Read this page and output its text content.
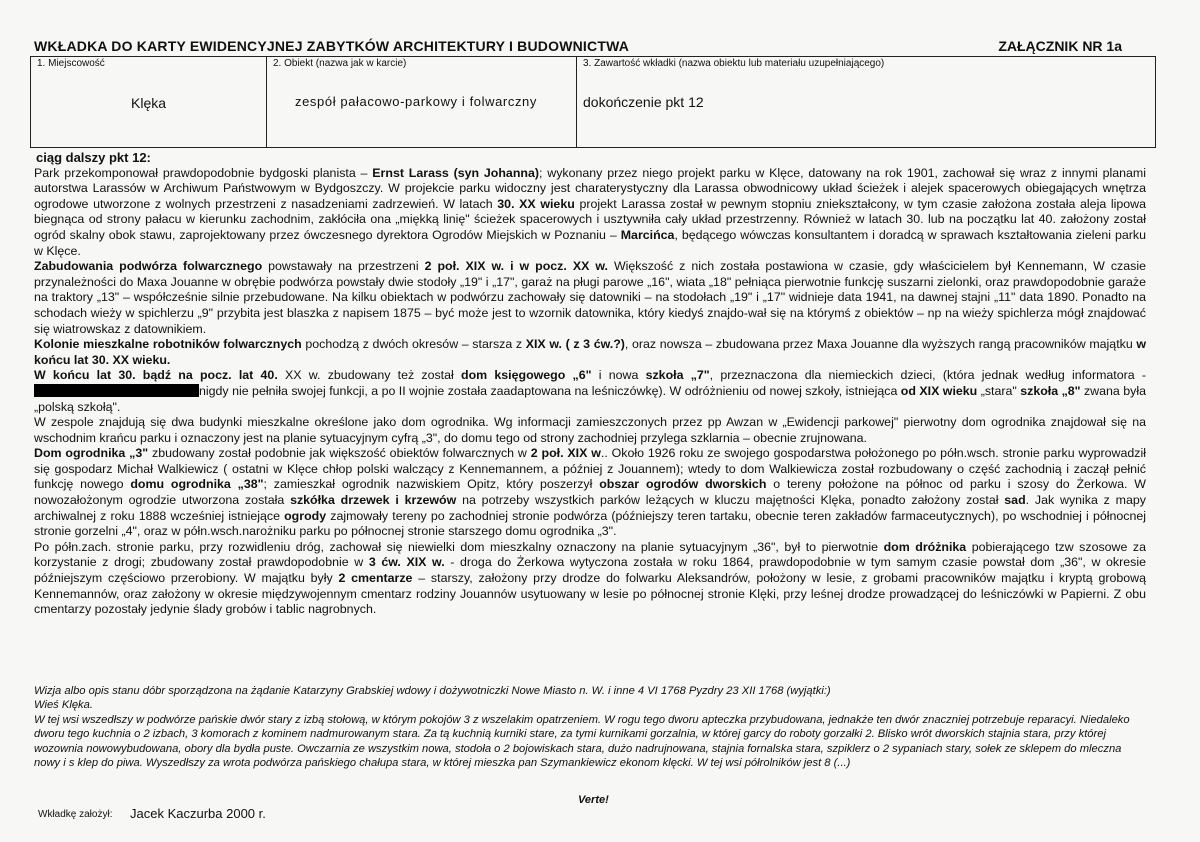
WKŁADKA DO KARTY EWIDENCYJNEJ ZABYTKÓW ARCHITEKTURY I BUDOWNICTWA	ZAŁĄCZNIK NR 1a
1. Miejscowość
Klęka
2. Obiekt (nazwa jak w karcie)
zespół pałacowo-parkowy i folwarczny
3. Zawartość wkładki (nazwa obiektu lub materiału uzupełniającego)
dokończenie pkt 12

ciąg dalszy pkt 12:

Park przekomponował prawdopodobnie bydgoski planista – Ernst Larass (syn Johanna); wykonany przez niego projekt parku w Klęce, datowany na rok 1901, zachował się wraz z innymi planami autorstwa Larassów w Archiwum Państwowym w Bydgoszczy. W projekcie parku widoczny jest charaterystyczny dla Larassa obwodnicowy układ ścieżek i alejek spacerowych obiegających wnętrza ogrodowe utworzone z wolnych przestrzeni z nasadzeniami zadrzewień. W latach 30. XX wieku projekt Larassa został w pewnym stopniu zniekształcony, w tym czasie założona została aleja lipowa biegnąca od strony pałacu w kierunku zachodnim, zakłóciła ona „miękką linię" ścieżek spacerowych i usztywniła cały układ przestrzenny. Również w latach 30. lub na początku lat 40. założony został ogród skalny obok stawu, zaprojektowany przez ówczesnego dyrektora Ogrodów Miejskich w Poznaniu – Marcińca, będącego wówczas konsultantem i doradcą w sprawach kształtowania zieleni parku w Klęce.

Zabudowania podwórza folwarcznego powstawały na przestrzeni 2 poł. XIX w. i w pocz. XX w. Większość z nich została postawiona w czasie, gdy właścicielem był Kennemann, W czasie przynależności do Maxa Jouanne w obrębie podwórza powstały dwie stodoły „19" i „17", garaż na pługi parowe „16", wiata „18" pełniąca pierwotnie funkcję suszarni zielonki, oraz prawdopodobnie garaże na traktory „13" – współcześnie silnie przebudowane. Na kilku obiektach w podwórzu zachowały się datowniki – na stodołach „19" i „17" widnieje data 1941, na dawnej stajni „11" data 1890. Ponadto na schodach wieży w spichlerzu „9" przybita jest blaszka z napisem 1875 – być może jest to wzornik datownika, który kiedyś znajdo-wał się na którymś z obiektów – np na wieży spichlerza mógł znajdować się wiatrowskaz z datownikiem.

Kolonie mieszkalne robotników folwarcznych pochodzą z dwóch okresów – starsza z XIX w. ( z 3 ćw.?), oraz nowsza – zbudowana przez Maxa Jouanne dla wyższych rangą pracowników majątku w końcu lat 30. XX wieku.

W końcu lat 30. bądź na pocz. lat 40. XX w. zbudowany też został dom księgowego „6" i nowa szkoła „7", przeznaczona dla niemieckich dzieci, (która jednak według informatora - nigdy nie pełniła swojej funkcji, a po II wojnie została zaadaptowana na leśniczówkę). W odróżnieniu od nowej szkoły, istniejąca od XIX wieku „stara" szkoła „8" zwana była „polską szkołą".

W zespole znajdują się dwa budynki mieszkalne określone jako dom ogrodnika. Wg informacji zamieszczonych przez pp Awzan w „Ewidencji parkowej" pierwotny dom ogrodnika znajdował się na wschodnim krańcu parku i oznaczony jest na planie sytuacyjnym cyfrą „3", do domu tego od strony zachodniej przylega szklarnia – obecnie zrujnowana.

Dom ogrodnika „3" zbudowany został podobnie jak większość obiektów folwarcznych w 2 poł. XIX w.. Około 1926 roku ze swojego gospodarstwa położonego po półn.wsch. stronie parku wyprowadził się gospodarz Michał Walkiewicz ( ostatni w Klęce chłop polski walczący z Kennemannem, a później z Jouannem); wtedy to dom Walkiewicza został rozbudowany o część zachodnią i zaczął pełnić funkcję nowego domu ogrodnika „38"; zamieszkał ogrodnik nazwiskiem Opitz, który poszerzył obszar ogrodów dworskich o tereny położone na północ od parku i szosy do Żerkowa. W nowozałożonym ogrodzie utworzona została szkółka drzewek i krzewów na potrzeby wszystkich parków leżących w kluczu majętności Klęka, ponadto założony został sad. Jak wynika z mapy archiwalnej z roku 1888 wcześniej istniejące ogrody zajmowały tereny po zachodniej stronie podwórza (późniejszy teren tartaku, obecnie teren zakładów farmaceutycznych), po wschodniej i północnej stronie gorzelni „4", oraz w półn.wsch.narożniku parku po północnej stronie starszego domu ogrodnika „3".

Po półn.zach. stronie parku, przy rozwidleniu dróg, zachował się niewielki dom mieszkalny oznaczony na planie sytuacyjnym „36", był to pierwotnie dom dróżnika pobierającego tzw szosowe za korzystanie z drogi; zbudowany został prawdopodobnie w 3 ćw. XIX w. - droga do Żerkowa wytyczona została w roku 1864, prawdopodobnie w tym samym czasie powstał dom „36", w okresie późniejszym częściowo przerobiony. W majątku były 2 cmentarze – starszy, założony przy drodze do folwarku Aleksandrów, położony w lesie, z grobami pracowników majątku i kryptą grobową Kennemannów, oraz założony w okresie międzywojennym cmentarz rodziny Jouannów usytuowany w lesie po północnej stronie Klęki, przy leśnej drodze prowadzącej do leśniczówki w Papierni. Z obu cmentarzy pozostały jedynie ślady grobów i tablic nagrobnych.

Wizja albo opis stanu dóbr sporządzona na żądanie Katarzyny Grabskiej wdowy i dożywotniczki Nowe Miasto n. W. i inne 4 VI 1768 Pyzdry 23 XII 1768 (wyjątki:)

Wieś Klęka.

W tej wsi wszedłszy w podwórze pańskie dwór stary z izbą stołową, w którym pokojów 3 z wszelakim opatrzeniem. W rogu tego dworu apteczka przybudowana, jednakże ten dwór znaczniej potrzebuje reparacyi. Niedaleko dworu tego kuchnia o 2 izbach, 3 komorach z kominem nadmurowanym stara. Za tą kuchnią kurniki stare, za tymi kurnikami gorzalnia, w której garcy do roboty gorzałki 2. Blisko wrót dworskich stajnia stara, przy której wozownia nowowybudowana, obory dla bydła puste. Owczarnia ze wszystkim nowa, stodoła o 2 bojowiskach stara, dużo nadrujnowana, stajnia fornalska stara, szpiklerz o 2 sypaniach stary, sołek ze sklepem do mleczna nowy i s klep do piwa. Wyszedłszy za wrota podwórza pańskiego chałupa stara, w której mieszka pan Szymankiewicz ekonom klęcki. W tej wsi półrolników jest 8 (...)

Verte!
Wkładkę założył: Jacek Kaczurba 2000 r.
